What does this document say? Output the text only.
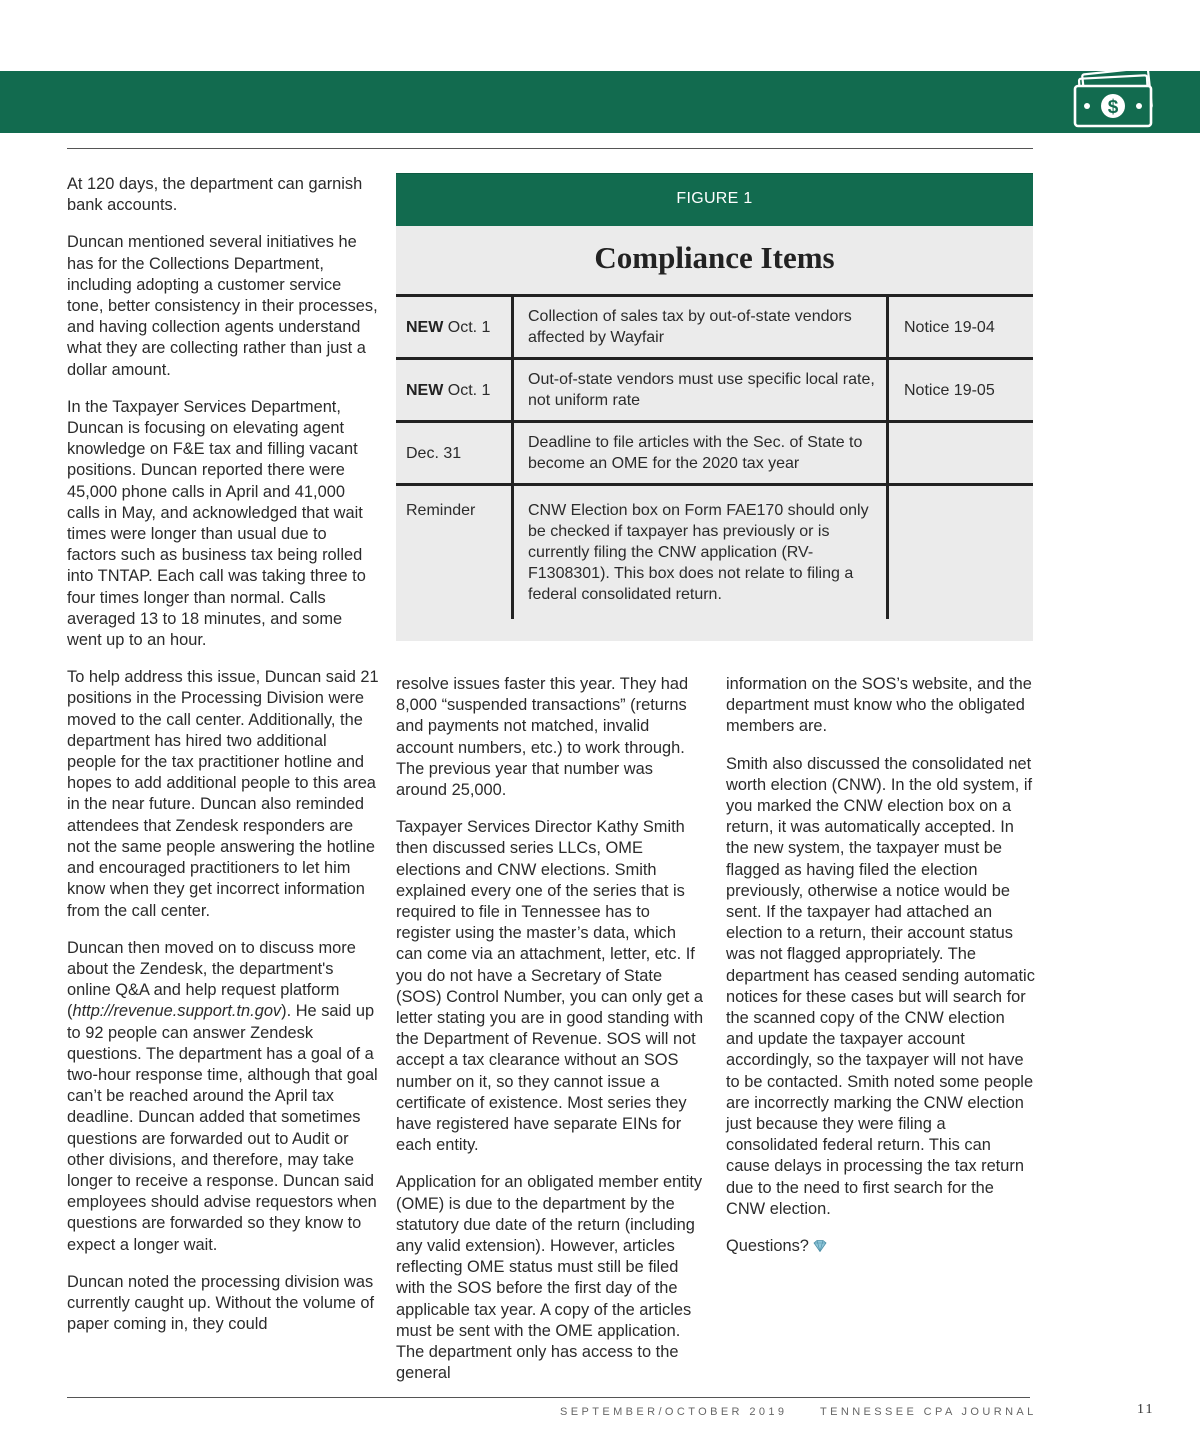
$

At 120 days, the department can garnish bank accounts.

Duncan mentioned several initiatives he has for the Collections Department, including adopting a customer service tone, better consistency in their processes, and having collection agents understand what they are collecting rather than just a dollar amount.

In the Taxpayer Services Department, Duncan is focusing on elevating agent knowledge on F&E tax and filling vacant positions. Duncan reported there were 45,000 phone calls in April and 41,000 calls in May, and acknowledged that wait times were longer than usual due to factors such as business tax being rolled into TNTAP. Each call was taking three to four times longer than normal. Calls averaged 13 to 18 minutes, and some went up to an hour.

To help address this issue, Duncan said 21 positions in the Processing Division were moved to the call center. Additionally, the department has hired two additional people for the tax practitioner hotline and hopes to add additional people to this area in the near future. Duncan also reminded attendees that Zendesk responders are not the same people answering the hotline and encouraged practitioners to let him know when they get incorrect information from the call center.

Duncan then moved on to discuss more about the Zendesk, the department's online Q&A and help request platform (http://revenue.support.tn.gov). He said up to 92 people can answer Zendesk questions. The department has a goal of a two-hour response time, although that goal can’t be reached around the April tax deadline. Duncan added that sometimes questions are forwarded out to Audit or other divisions, and therefore, may take longer to receive a response. Duncan said employees should advise requestors when questions are forwarded so they know to expect a longer wait.

Duncan noted the processing division was currently caught up. Without the volume of paper coming in, they could

FIGURE 1
Compliance Items
NEW Oct. 1	Collection of sales tax by out-of-state vendors affected by Wayfair	Notice 19-04
NEW Oct. 1	Out-of-state vendors must use specific local rate, not uniform rate	Notice 19-05
Dec. 31	Deadline to file articles with the Sec. of State to become an OME for the 2020 tax year	
Reminder	CNW Election box on Form FAE170 should only be checked if taxpayer has previously or is currently filing the CNW application (RV-F1308301). This box does not relate to filing a federal consolidated return.	

resolve issues faster this year. They had 8,000 “suspended transactions” (returns and payments not matched, invalid account numbers, etc.) to work through. The previous year that number was around 25,000.

Taxpayer Services Director Kathy Smith then discussed series LLCs, OME elections and CNW elections. Smith explained every one of the series that is required to file in Tennessee has to register using the master’s data, which can come via an attachment, letter, etc. If you do not have a Secretary of State (SOS) Control Number, you can only get a letter stating you are in good standing with the Department of Revenue. SOS will not accept a tax clearance without an SOS number on it, so they cannot issue a certificate of existence. Most series they have registered have separate EINs for each entity.

Application for an obligated member entity (OME) is due to the department by the statutory due date of the return (including any valid extension). However, articles reflecting OME status must still be filed with the SOS before the first day of the applicable tax year. A copy of the articles must be sent with the OME application. The department only has access to the general

information on the SOS’s website, and the department must know who the obligated members are.

Smith also discussed the consolidated net worth election (CNW). In the old system, if you marked the CNW election box on a return, it was automatically accepted. In the new system, the taxpayer must be flagged as having filed the election previously, otherwise a notice would be sent. If the taxpayer had attached an election to a return, their account status was not flagged appropriately. The department has ceased sending automatic notices for these cases but will search for the scanned copy of the CNW election and update the taxpayer account accordingly, so the taxpayer will not have to be contacted. Smith noted some people are incorrectly marking the CNW election just because they were filing a consolidated federal return. This can cause delays in processing the tax return due to the need to first search for the CNW election.

Questions?

SEPTEMBER/OCTOBER 2019	TENNESSEE CPA JOURNAL	11
